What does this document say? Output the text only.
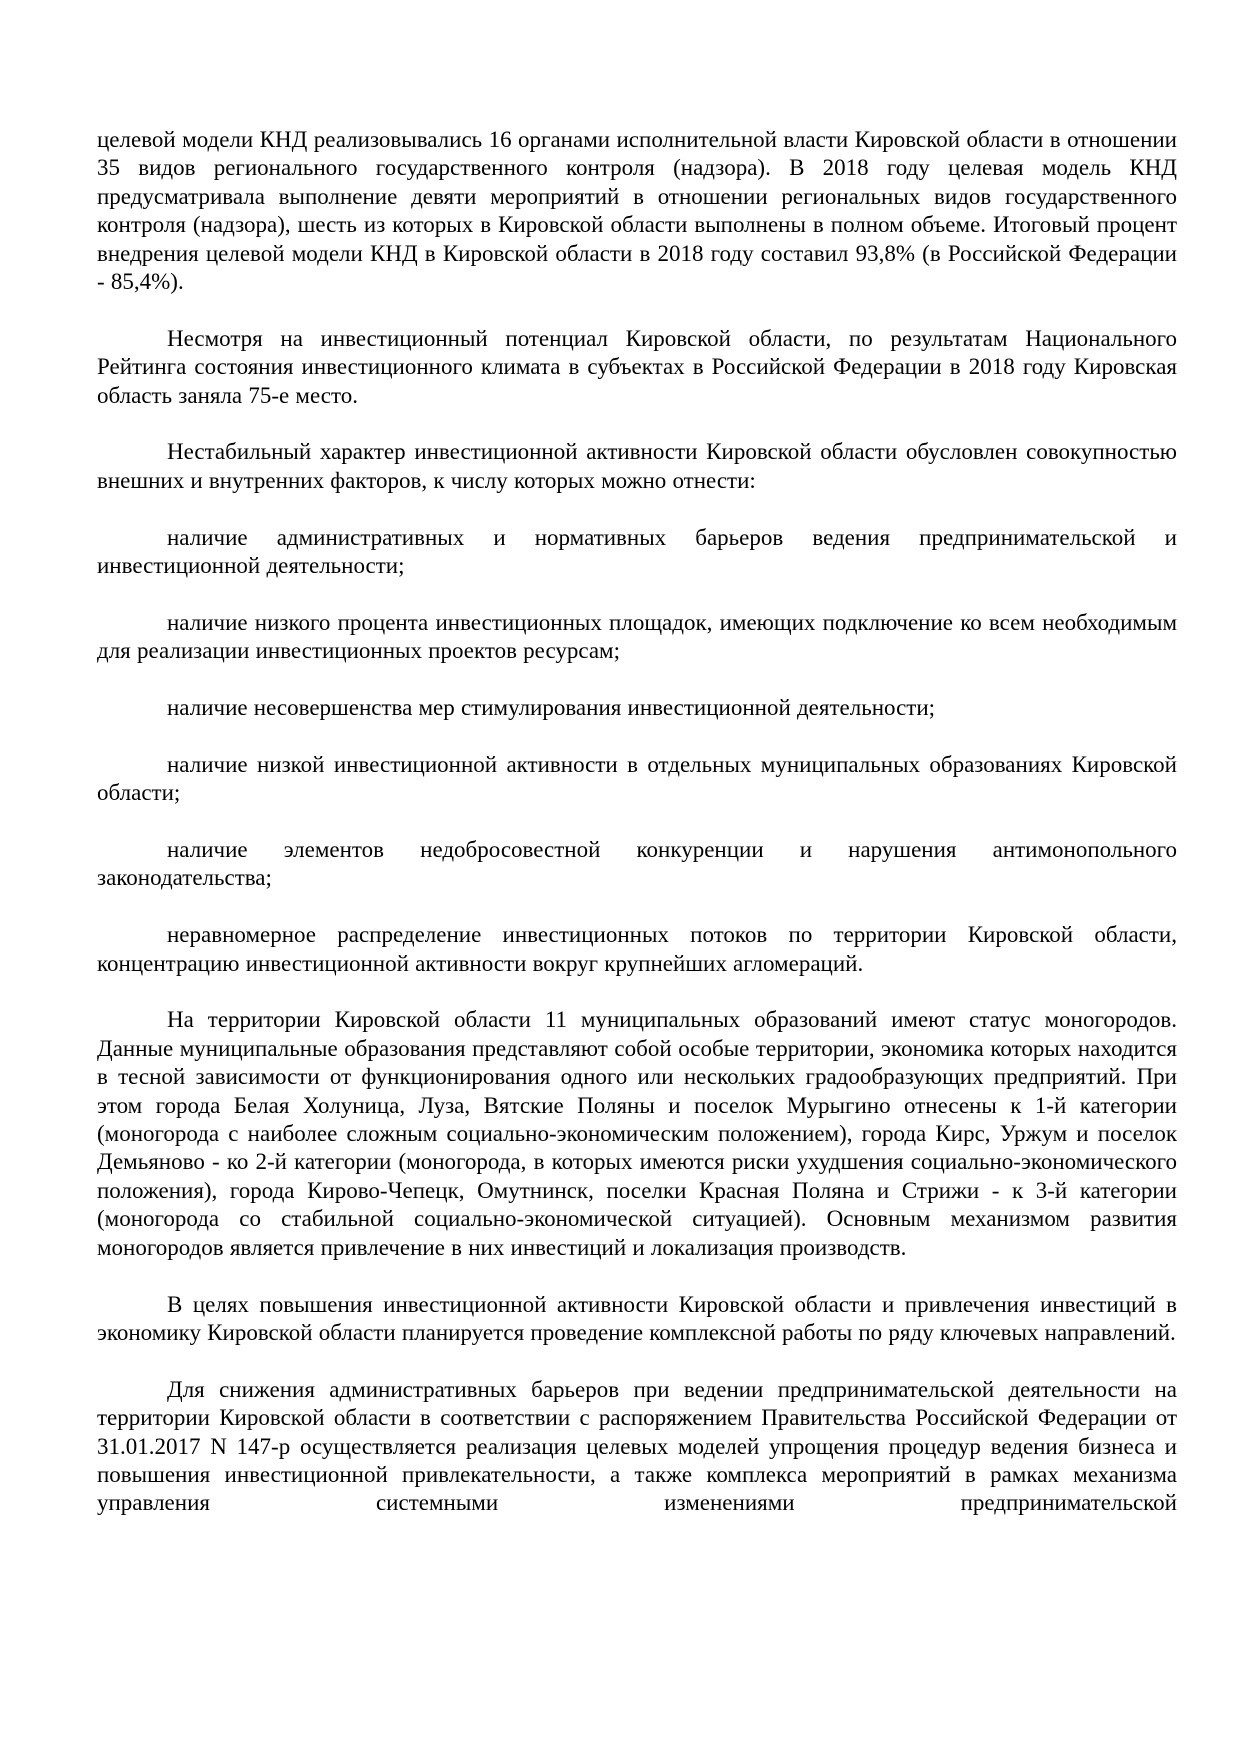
целевой модели КНД реализовывались 16 органами исполнительной власти Кировской области в отношении 35 видов регионального государственного контроля (надзора). В 2018 году целевая модель КНД предусматривала выполнение девяти мероприятий в отношении региональных видов государственного контроля (надзора), шесть из которых в Кировской области выполнены в полном объеме. Итоговый процент внедрения целевой модели КНД в Кировской области в 2018 году составил 93,8% (в Российской Федерации - 85,4%).

Несмотря на инвестиционный потенциал Кировской области, по результатам Национального Рейтинга состояния инвестиционного климата в субъектах в Российской Федерации в 2018 году Кировская область заняла 75-е место.

Нестабильный характер инвестиционной активности Кировской области обусловлен совокупностью внешних и внутренних факторов, к числу которых можно отнести:

наличие административных и нормативных барьеров ведения предпринимательской и инвестиционной деятельности;

наличие низкого процента инвестиционных площадок, имеющих подключение ко всем необходимым для реализации инвестиционных проектов ресурсам;

наличие несовершенства мер стимулирования инвестиционной деятельности;

наличие низкой инвестиционной активности в отдельных муниципальных образованиях Кировской области;

наличие элементов недобросовестной конкуренции и нарушения антимонопольного законодательства;

неравномерное распределение инвестиционных потоков по территории Кировской области, концентрацию инвестиционной активности вокруг крупнейших агломераций.

На территории Кировской области 11 муниципальных образований имеют статус моногородов. Данные муниципальные образования представляют собой особые территории, экономика которых находится в тесной зависимости от функционирования одного или нескольких градообразующих предприятий. При этом города Белая Холуница, Луза, Вятские Поляны и поселок Мурыгино отнесены к 1-й категории (моногорода с наиболее сложным социально-экономическим положением), города Кирс, Уржум и поселок Демьяново - ко 2-й категории (моногорода, в которых имеются риски ухудшения социально-экономического положения), города Кирово-Чепецк, Омутнинск, поселки Красная Поляна и Стрижи - к 3-й категории (моногорода со стабильной социально-экономической ситуацией). Основным механизмом развития моногородов является привлечение в них инвестиций и локализация производств.

В целях повышения инвестиционной активности Кировской области и привлечения инвестиций в экономику Кировской области планируется проведение комплексной работы по ряду ключевых направлений.

Для снижения административных барьеров при ведении предпринимательской деятельности на территории Кировской области в соответствии с распоряжением Правительства Российской Федерации от 31.01.2017 N 147-р осуществляется реализация целевых моделей упрощения процедур ведения бизнеса и повышения инвестиционной привлекательности, а также комплекса мероприятий в рамках механизма управления системными изменениями предпринимательской
